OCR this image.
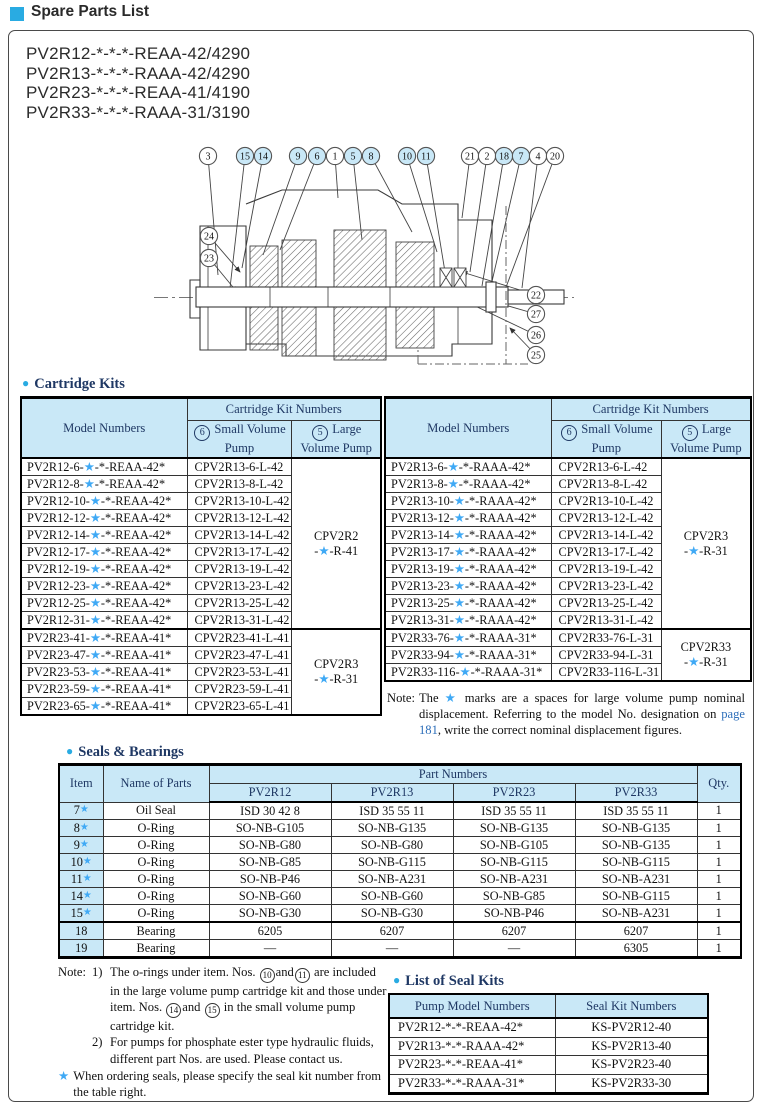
Spare Parts List
PV2R12-*-*-*-REAA-42/4290
PV2R13-*-*-*-RAAA-42/4290
PV2R23-*-*-*-REAA-41/4190
PV2R33-*-*-*-RAAA-31/3190
3	15 14	9 6 1 5 8	10 11	21 2 18 7 4 20
24
23
22
27
26
25
● Cartridge Kits
Model Numbers	Cartridge Kit Numbers	
	6 Small Volume Pump	5 Large Volume Pump
PV2R12-6-★-*-REAA-42*	CPV2R13-6-L-42	CPV2R2
-★-R-41
PV2R12-8-★-*-REAA-42*	CPV2R13-8-L-42	
PV2R12-10-★-*-REAA-42*	CPV2R13-10-L-42	
PV2R12-12-★-*-REAA-42*	CPV2R13-12-L-42	
PV2R12-14-★-*-REAA-42*	CPV2R13-14-L-42	
PV2R12-17-★-*-REAA-42*	CPV2R13-17-L-42	
PV2R12-19-★-*-REAA-42*	CPV2R13-19-L-42	
PV2R12-23-★-*-REAA-42*	CPV2R13-23-L-42	
PV2R12-25-★-*-REAA-42*	CPV2R13-25-L-42	
PV2R12-31-★-*-REAA-42*	CPV2R13-31-L-42	
PV2R23-41-★-*-REAA-41*	CPV2R23-41-L-41	CPV2R3
-★-R-31
PV2R23-47-★-*-REAA-41*	CPV2R23-47-L-41	
PV2R23-53-★-*-REAA-41*	CPV2R23-53-L-41	
PV2R23-59-★-*-REAA-41*	CPV2R23-59-L-41	
PV2R23-65-★-*-REAA-41*	CPV2R23-65-L-41	
Model Numbers	Cartridge Kit Numbers	
	6 Small Volume Pump	5 Large Volume Pump
PV2R13-6-★-*-RAAA-42*	CPV2R13-6-L-42	CPV2R3
-★-R-31
PV2R13-8-★-*-RAAA-42*	CPV2R13-8-L-42	
PV2R13-10-★-*-RAAA-42*	CPV2R13-10-L-42	
PV2R13-12-★-*-RAAA-42*	CPV2R13-12-L-42	
PV2R13-14-★-*-RAAA-42*	CPV2R13-14-L-42	
PV2R13-17-★-*-RAAA-42*	CPV2R13-17-L-42	
PV2R13-19-★-*-RAAA-42*	CPV2R13-19-L-42	
PV2R13-23-★-*-RAAA-42*	CPV2R13-23-L-42	
PV2R13-25-★-*-RAAA-42*	CPV2R13-25-L-42	
PV2R13-31-★-*-RAAA-42*	CPV2R13-31-L-42	
PV2R33-76-★-*-RAAA-31*	CPV2R33-76-L-31	CPV2R33
-★-R-31
PV2R33-94-★-*-RAAA-31*	CPV2R33-94-L-31	
PV2R33-116-★-*-RAAA-31*	CPV2R33-116-L-31	
Note: The ★ marks are a spaces for large volume pump nominal displacement. Referring to the model No. designation on page 181, write the correct nominal displacement figures.
● Seals & Bearings
Item	Name of Parts	Part Numbers				Qty.
		PV2R12	PV2R13	PV2R23	PV2R33	
7★	Oil Seal	ISD 30 42 8	ISD 35 55 11	ISD 35 55 11	ISD 35 55 11	1
8★	O-Ring	SO-NB-G105	SO-NB-G135	SO-NB-G135	SO-NB-G135	1
9★	O-Ring	SO-NB-G80	SO-NB-G80	SO-NB-G105	SO-NB-G135	1
10★	O-Ring	SO-NB-G85	SO-NB-G115	SO-NB-G115	SO-NB-G115	1
11★	O-Ring	SO-NB-P46	SO-NB-A231	SO-NB-A231	SO-NB-A231	1
14★	O-Ring	SO-NB-G60	SO-NB-G60	SO-NB-G85	SO-NB-G115	1
15★	O-Ring	SO-NB-G30	SO-NB-G30	SO-NB-P46	SO-NB-A231	1
18	Bearing	6205	6207	6207	6207	1
19	Bearing	—	—	—	6305	1
Note: 1) The o-rings under item. Nos. 10 and 11 are included in the large volume pump cartridge kit and those under item. Nos. 14 and 15 in the small volume pump cartridge kit.
2) For pumps for phosphate ester type hydraulic fluids, different part Nos. are used. Please contact us.
★ When ordering seals, please specify the seal kit number from the table right.
● List of Seal Kits
Pump Model Numbers	Seal Kit Numbers
PV2R12-*-*-REAA-42*	KS-PV2R12-40
PV2R13-*-*-RAAA-42*	KS-PV2R13-40
PV2R23-*-*-REAA-41*	KS-PV2R23-40
PV2R33-*-*-RAAA-31*	KS-PV2R33-30
